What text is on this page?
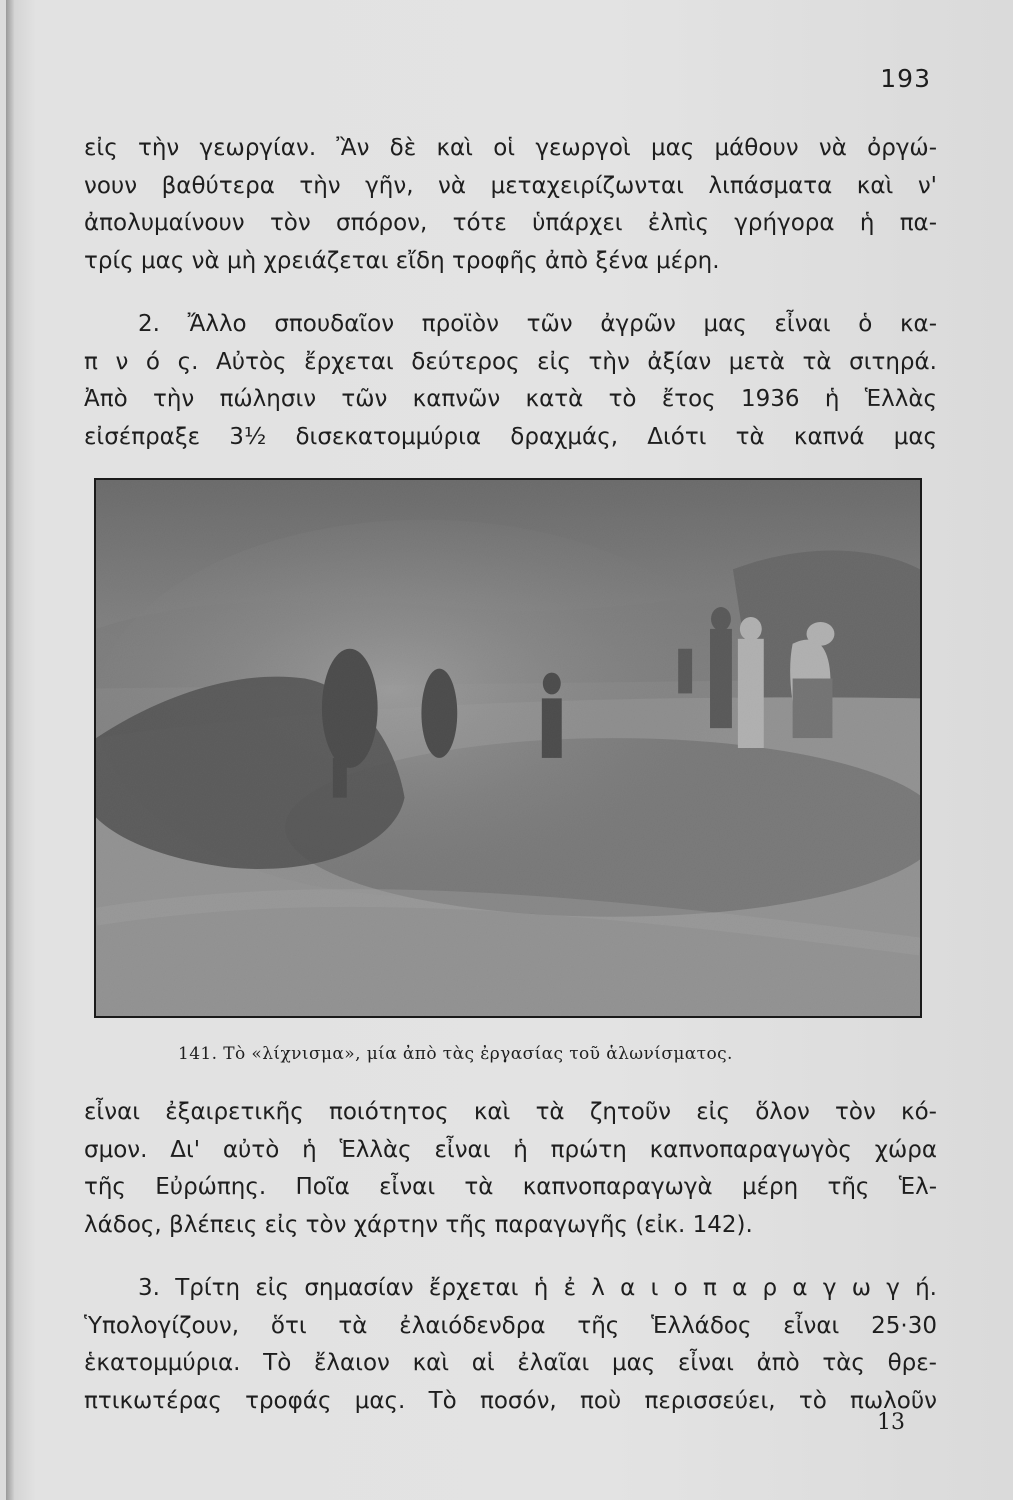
193
εἰς τὴν γεωργίαν. Ἂν δὲ καὶ οἱ γεωργοὶ μας μάθουν νὰ ὀργώ-
νουν βαθύτερα τὴν γῆν, νὰ μεταχειρίζωνται λιπάσματα καὶ ν'
ἀπολυμαίνουν τὸν σπόρον, τότε ὑπάρχει ἐλπὶς γρήγορα ἡ πα-
τρίς μας νὰ μὴ χρειάζεται εἴδη τροφῆς ἀπὸ ξένα μέρη.
2. Ἄλλο σπουδαῖον προϊὸν τῶν ἀγρῶν μας εἶναι ὁ κα-
π ν ό ς. Αὐτὸς ἔρχεται δεύτερος εἰς τὴν ἀξίαν μετὰ τὰ σιτηρά.
Ἀπὸ τὴν πώλησιν τῶν καπνῶν κατὰ τὸ ἔτος 1936 ἡ Ἑλλὰς
εἰσέπραξε 3½ δισεκατομμύρια δραχμάς, Διότι τὰ καπνά μας
141. Τὸ «λίχνισμα», μία ἀπὸ τὰς ἐργασίας τοῦ ἁλωνίσματος.
εἶναι ἐξαιρετικῆς ποιότητος καὶ τὰ ζητοῦν εἰς ὅλον τὸν κό-
σμον. Δι' αὐτὸ ἡ Ἑλλὰς εἶναι ἡ πρώτη καπνοπαραγωγὸς χώρα
τῆς Εὐρώπης. Ποῖα εἶναι τὰ καπνοπαραγωγὰ μέρη τῆς Ἑλ-
λάδος, βλέπεις εἰς τὸν χάρτην τῆς παραγωγῆς (εἰκ. 142).
3. Τρίτη εἰς σημασίαν ἔρχεται ἡ ἐ λ α ι ο π α ρ α γ ω γ ή.
Ὑπολογίζουν, ὅτι τὰ ἐλαιόδενδρα τῆς Ἑλλάδος εἶναι 25·30
ἑκατομμύρια. Τὸ ἔλαιον καὶ αἱ ἐλαῖαι μας εἶναι ἀπὸ τὰς θρε-
πτικωτέρας τροφάς μας. Τὸ ποσόν, ποὺ περισσεύει, τὸ πωλοῦν
13
